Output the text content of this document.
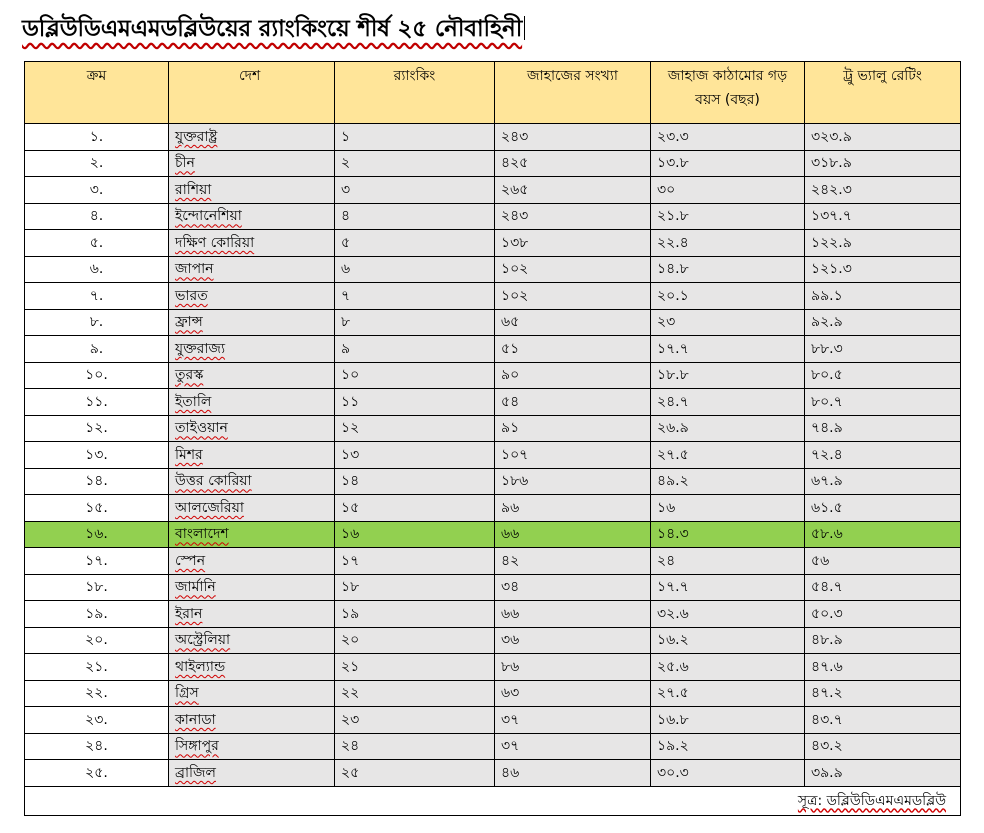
ডব্লিউডিএমএমডব্লিউয়ের র‍্যাংকিংয়ে শীর্ষ ২৫ নৌবাহিনী
ক্রম	দেশ	র‍্যাংকিং	জাহাজের সংখ্যা	জাহাজ কাঠামোর গড় বয়স (বছর)	ট্রু ভ্যালু রেটিং
১.	যুক্তরাষ্ট্র	১	২৪৩	২৩.৩	৩২৩.৯
২.	চীন	২	৪২৫	১৩.৮	৩১৮.৯
৩.	রাশিয়া	৩	২৬৫	৩০	২৪২.৩
৪.	ইন্দোনেশিয়া	৪	২৪৩	২১.৮	১৩৭.৭
৫.	দক্ষিণ কোরিয়া	৫	১৩৮	২২.৪	১২২.৯
৬.	জাপান	৬	১০২	১৪.৮	১২১.৩
৭.	ভারত	৭	১০২	২০.১	৯৯.১
৮.	ফ্রান্স	৮	৬৫	২৩	৯২.৯
৯.	যুক্তরাজ্য	৯	৫১	১৭.৭	৮৮.৩
১০.	তুরস্ক	১০	৯০	১৮.৮	৮০.৫
১১.	ইতালি	১১	৫৪	২৪.৭	৮০.৭
১২.	তাইওয়ান	১২	৯১	২৬.৯	৭৪.৯
১৩.	মিশর	১৩	১০৭	২৭.৫	৭২.৪
১৪.	উত্তর কোরিয়া	১৪	১৮৬	৪৯.২	৬৭.৯
১৫.	আলজেরিয়া	১৫	৯৬	১৬	৬১.৫
১৬.	বাংলাদেশ	১৬	৬৬	১৪.৩	৫৮.৬
১৭.	স্পেন	১৭	৪২	২৪	৫৬
১৮.	জার্মানি	১৮	৩৪	১৭.৭	৫৪.৭
১৯.	ইরান	১৯	৬৬	৩২.৬	৫০.৩
২০.	অস্ট্রেলিয়া	২০	৩৬	১৬.২	৪৮.৯
২১.	থাইল্যান্ড	২১	৮৬	২৫.৬	৪৭.৬
২২.	গ্রিস	২২	৬৩	২৭.৫	৪৭.২
২৩.	কানাডা	২৩	৩৭	১৬.৮	৪৩.৭
২৪.	সিঙ্গাপুর	২৪	৩৭	১৯.২	৪৩.২
২৫.	ব্রাজিল	২৫	৪৬	৩০.৩	৩৯.৯
সূত্র: ডব্লিউডিএমএমডব্লিউ					
